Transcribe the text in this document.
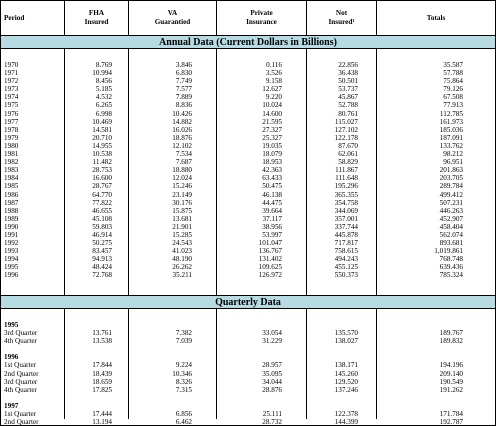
Period
FHA
Insured
VA
Guarantied
Private
Insurance
Not
Insured¹
Totals
Annual Data (Current Dollars in Billions)
1970
1971
1972
1973
1974
1975
1976
1977
1978
1979
1980
1981
1982
1983
1984
1985
1986
1987
1988
1989
1990
1991
1992
1993
1994
1995
1996
8.769
10.994
8.456
5.185
4.532
6.265
6.998
10.469
14.581
20.710
14.955
10.538
11.482
28.753
16.600
28.767
64.770
77.822
46.655
45.108
59.803
46.914
50.275
83.457
94.913
48.424
72.768
3.846
6.830
7.749
7.577
7.889
8.836
10.426
14.882
16.026
18.876
12.102
7.534
7.687
18.880
12.024
15.246
23.149
30.176
15.875
13.681
21.901
15.285
24.543
41.023
48.190
26.262
35.211
0.116
3.526
9.158
12.627
9.220
10.024
14.600
21.595
27.327
25.327
19.035
18.079
18.953
42.363
63.433
50.475
46.138
44.475
39.664
37.117
38.956
53.997
101.047
136.767
131.402
109.625
126.972
22.856
36.438
50.501
53.737
45.867
52.788
80.761
115.027
127.102
122.178
87.670
62.061
58.829
111.867
111.648
195.296
365.355
354.758
344.069
357.001
337.744
445.878
717.817
758.615
494.243
455.125
550.373
35.587
57.788
75.864
79.126
67.508
77.913
112.785
161.973
185.036
187.091
133.762
98.212
96.951
201.863
203.705
289.784
499.412
507.231
446.263
452.907
458.404
562.074
893.681
1,019.861
768.748
639.436
785.324
Quarterly Data
1995
3rd Quarter
4th Quarter
1996
1st Quarter
2nd Quarter
3rd Quarter
4th Quarter
1997
1st Quarter
2nd Quarter
13.761
13.538
17.844
18.439
18.659
17.825
17.444
13.194
7.382
7.039
9.224
10.346
8.326
7.315
6.856
6.462
33.054
31.229
28.957
35.095
34.044
28.876
25.111
28.732
135.570
138.027
138.171
145.260
129.520
137.246
122.378
144.399
189.767
189.832
194.196
209.140
190.549
191.262
171.784
192.787
